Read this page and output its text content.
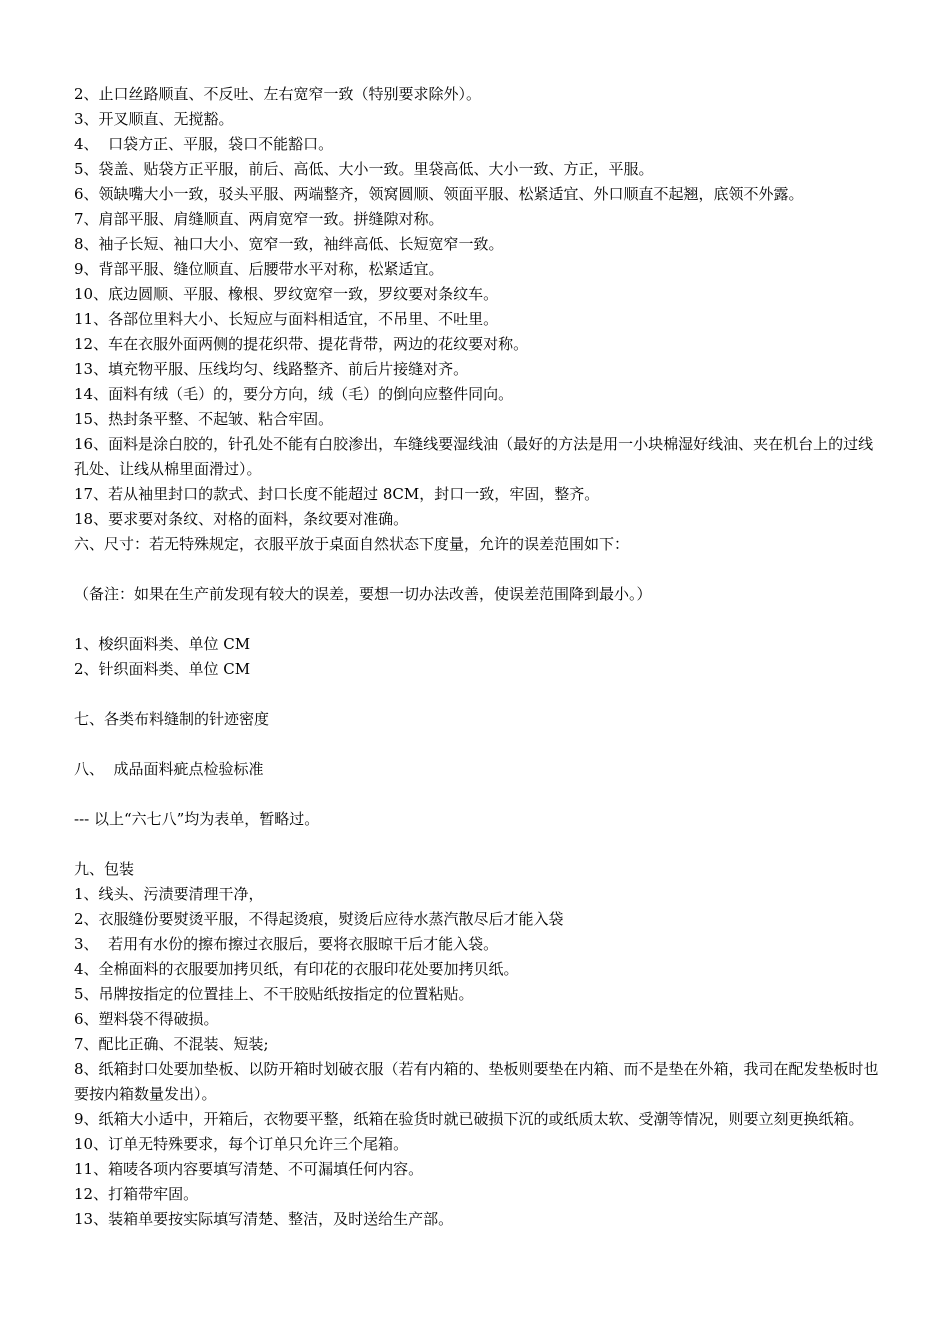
2、止口丝路顺直、不反吐、左右宽窄一致（特别要求除外）。
3、开叉顺直、无搅豁。
4、  口袋方正、平服，袋口不能豁口。
5、袋盖、贴袋方正平服，前后、高低、大小一致。里袋高低、大小一致、方正，平服。
6、领缺嘴大小一致，驳头平服、两端整齐，领窝圆顺、领面平服、松紧适宜、外口顺直不起翘，底领不外露。
7、肩部平服、肩缝顺直、两肩宽窄一致。拼缝隙对称。
8、袖子长短、袖口大小、宽窄一致，袖绊高低、长短宽窄一致。
9、背部平服、缝位顺直、后腰带水平对称，松紧适宜。
10、底边圆顺、平服、橡根、罗纹宽窄一致，罗纹要对条纹车。
11、各部位里料大小、长短应与面料相适宜，不吊里、不吐里。
12、车在衣服外面两侧的提花织带、提花背带，两边的花纹要对称。
13、填充物平服、压线均匀、线路整齐、前后片接缝对齐。
14、面料有绒（毛）的，要分方向，绒（毛）的倒向应整件同向。
15、热封条平整、不起皱、粘合牢固。
16、面料是涂白胶的，针孔处不能有白胶渗出，车缝线要湿线油（最好的方法是用一小块棉湿好线油、夹在机台上的过线孔处、让线从棉里面滑过）。
17、若从袖里封口的款式、封口长度不能超过 8CM，封口一致，牢固，整齐。
18、要求要对条纹、对格的面料，条纹要对准确。
六、尺寸：若无特殊规定，衣服平放于桌面自然状态下度量，允许的误差范围如下：
（备注：如果在生产前发现有较大的误差，要想一切办法改善，使误差范围降到最小。）
1、梭织面料类、单位 CM
2、针织面料类、单位 CM
七、各类布料缝制的针迹密度
八、  成品面料疵点检验标准
--- 以上“六七八”均为表单，暂略过。
九、包装
1、线头、污渍要清理干净，
2、衣服缝份要熨烫平服，不得起烫痕，熨烫后应待水蒸汽散尽后才能入袋
3、  若用有水份的擦布擦过衣服后，要将衣服晾干后才能入袋。
4、全棉面料的衣服要加拷贝纸，有印花的衣服印花处要加拷贝纸。
5、吊牌按指定的位置挂上、不干胶贴纸按指定的位置粘贴。
6、塑料袋不得破损。
7、配比正确、不混装、短装;
8、纸箱封口处要加垫板、以防开箱时划破衣服（若有内箱的、垫板则要垫在内箱、而不是垫在外箱，我司在配发垫板时也要按内箱数量发出）。
9、纸箱大小适中，开箱后，衣物要平整，纸箱在验货时就已破损下沉的或纸质太软、受潮等情况，则要立刻更换纸箱。
10、订单无特殊要求，每个订单只允许三个尾箱。
11、箱唛各项内容要填写清楚、不可漏填任何内容。
12、打箱带牢固。
13、装箱单要按实际填写清楚、整洁，及时送给生产部。
